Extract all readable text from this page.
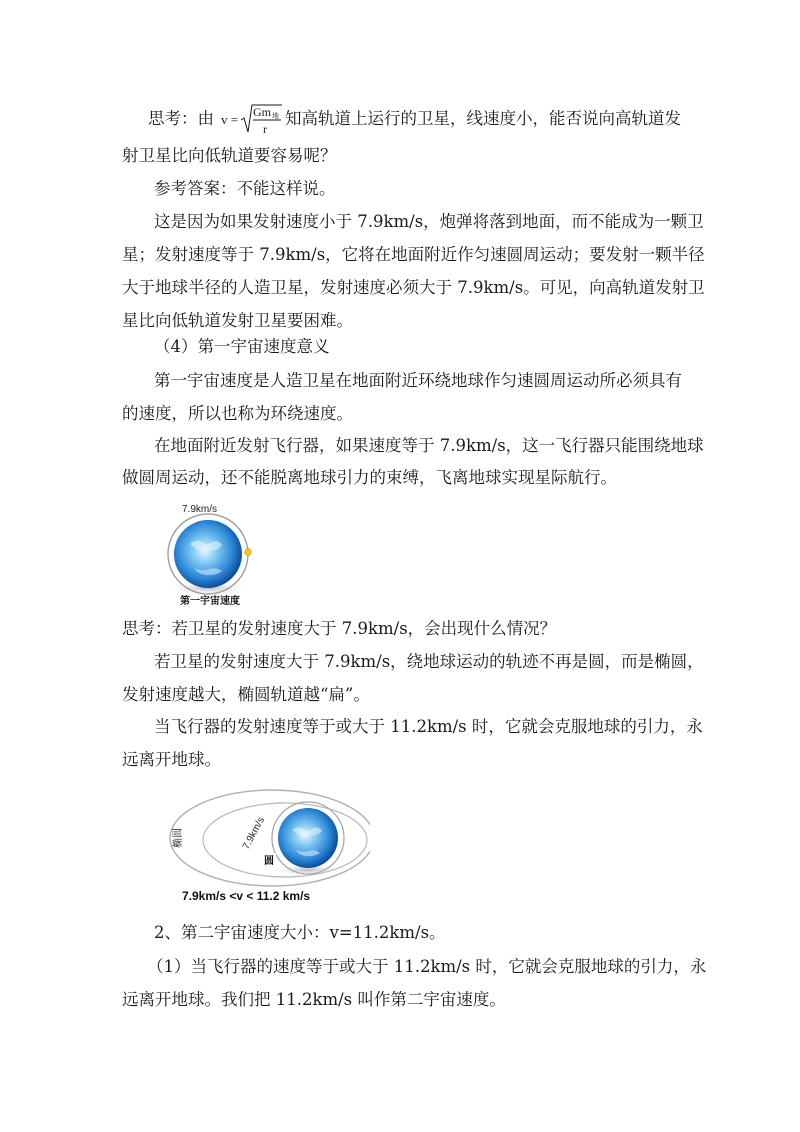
思考：由 v = Gm 地
r
知高轨道上运行的卫星，线速度小，能否说向高轨道发
射卫星比向低轨道要容易呢？
参考答案：不能这样说。
这是因为如果发射速度小于 7.9km/s，炮弹将落到地面，而不能成为一颗卫
星；发射速度等于 7.9km/s，它将在地面附近作匀速圆周运动；要发射一颗半径
大于地球半径的人造卫星，发射速度必须大于 7.9km/s。可见，向高轨道发射卫
星比向低轨道发射卫星要困难。
（4）第一宇宙速度意义
第一宇宙速度是人造卫星在地面附近环绕地球作匀速圆周运动所必须具有
的速度，所以也称为环绕速度。
在地面附近发射飞行器，如果速度等于 7.9km/s，这一飞行器只能围绕地球
做圆周运动，还不能脱离地球引力的束缚，飞离地球实现星际航行。
7.9km/s
第一宇宙速度
思考：若卫星的发射速度大于 7.9km/s，会出现什么情况？
若卫星的发射速度大于 7.9km/s，绕地球运动的轨迹不再是圆，而是椭圆，
发射速度越大，椭圆轨道越“扁”。
当飞行器的发射速度等于或大于 11.2km/s 时，它就会克服地球的引力，永
远离开地球。
椭圆	7.9km/s
圆
7.9km/s <v < 11.2 km/s
2、第二宇宙速度大小：v=11.2km/s。
（1）当飞行器的速度等于或大于 11.2km/s 时，它就会克服地球的引力，永
远离开地球。我们把 11.2km/s 叫作第二宇宙速度。
